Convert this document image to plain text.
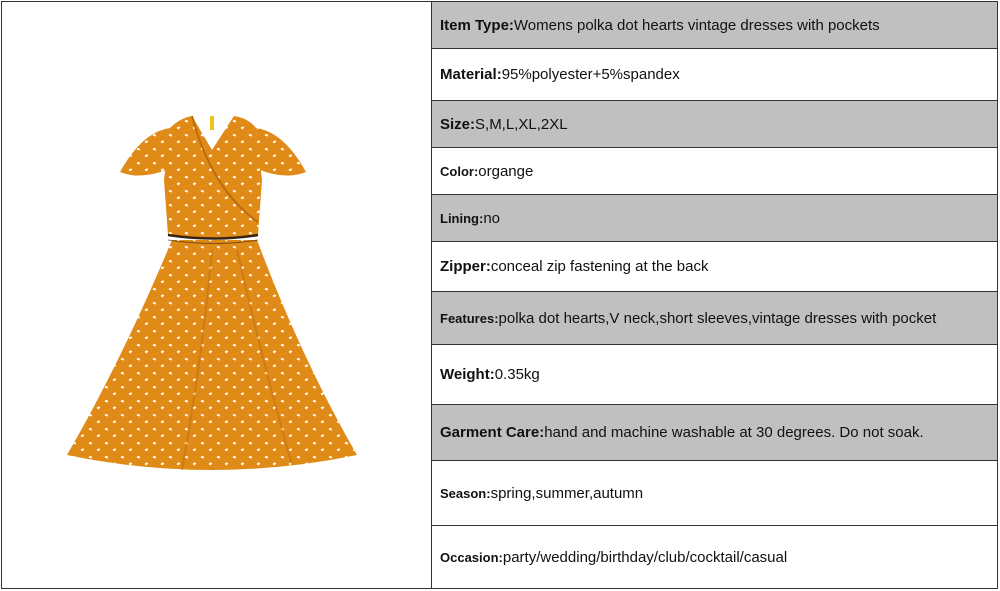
Item Type: Womens polka dot hearts vintage dresses with pockets
Material: 95%polyester+5%spandex
Size: S,M,L,XL,2XL
Color: organge
Lining: no
Zipper: conceal zip fastening at the back
Features: polka dot hearts,V neck,short sleeves,vintage dresses with pocket
Weight: 0.35kg
Garment Care: hand and machine washable at 30 degrees. Do not soak.
Season: spring,summer,autumn
Occasion: party/wedding/birthday/club/cocktail/casual
